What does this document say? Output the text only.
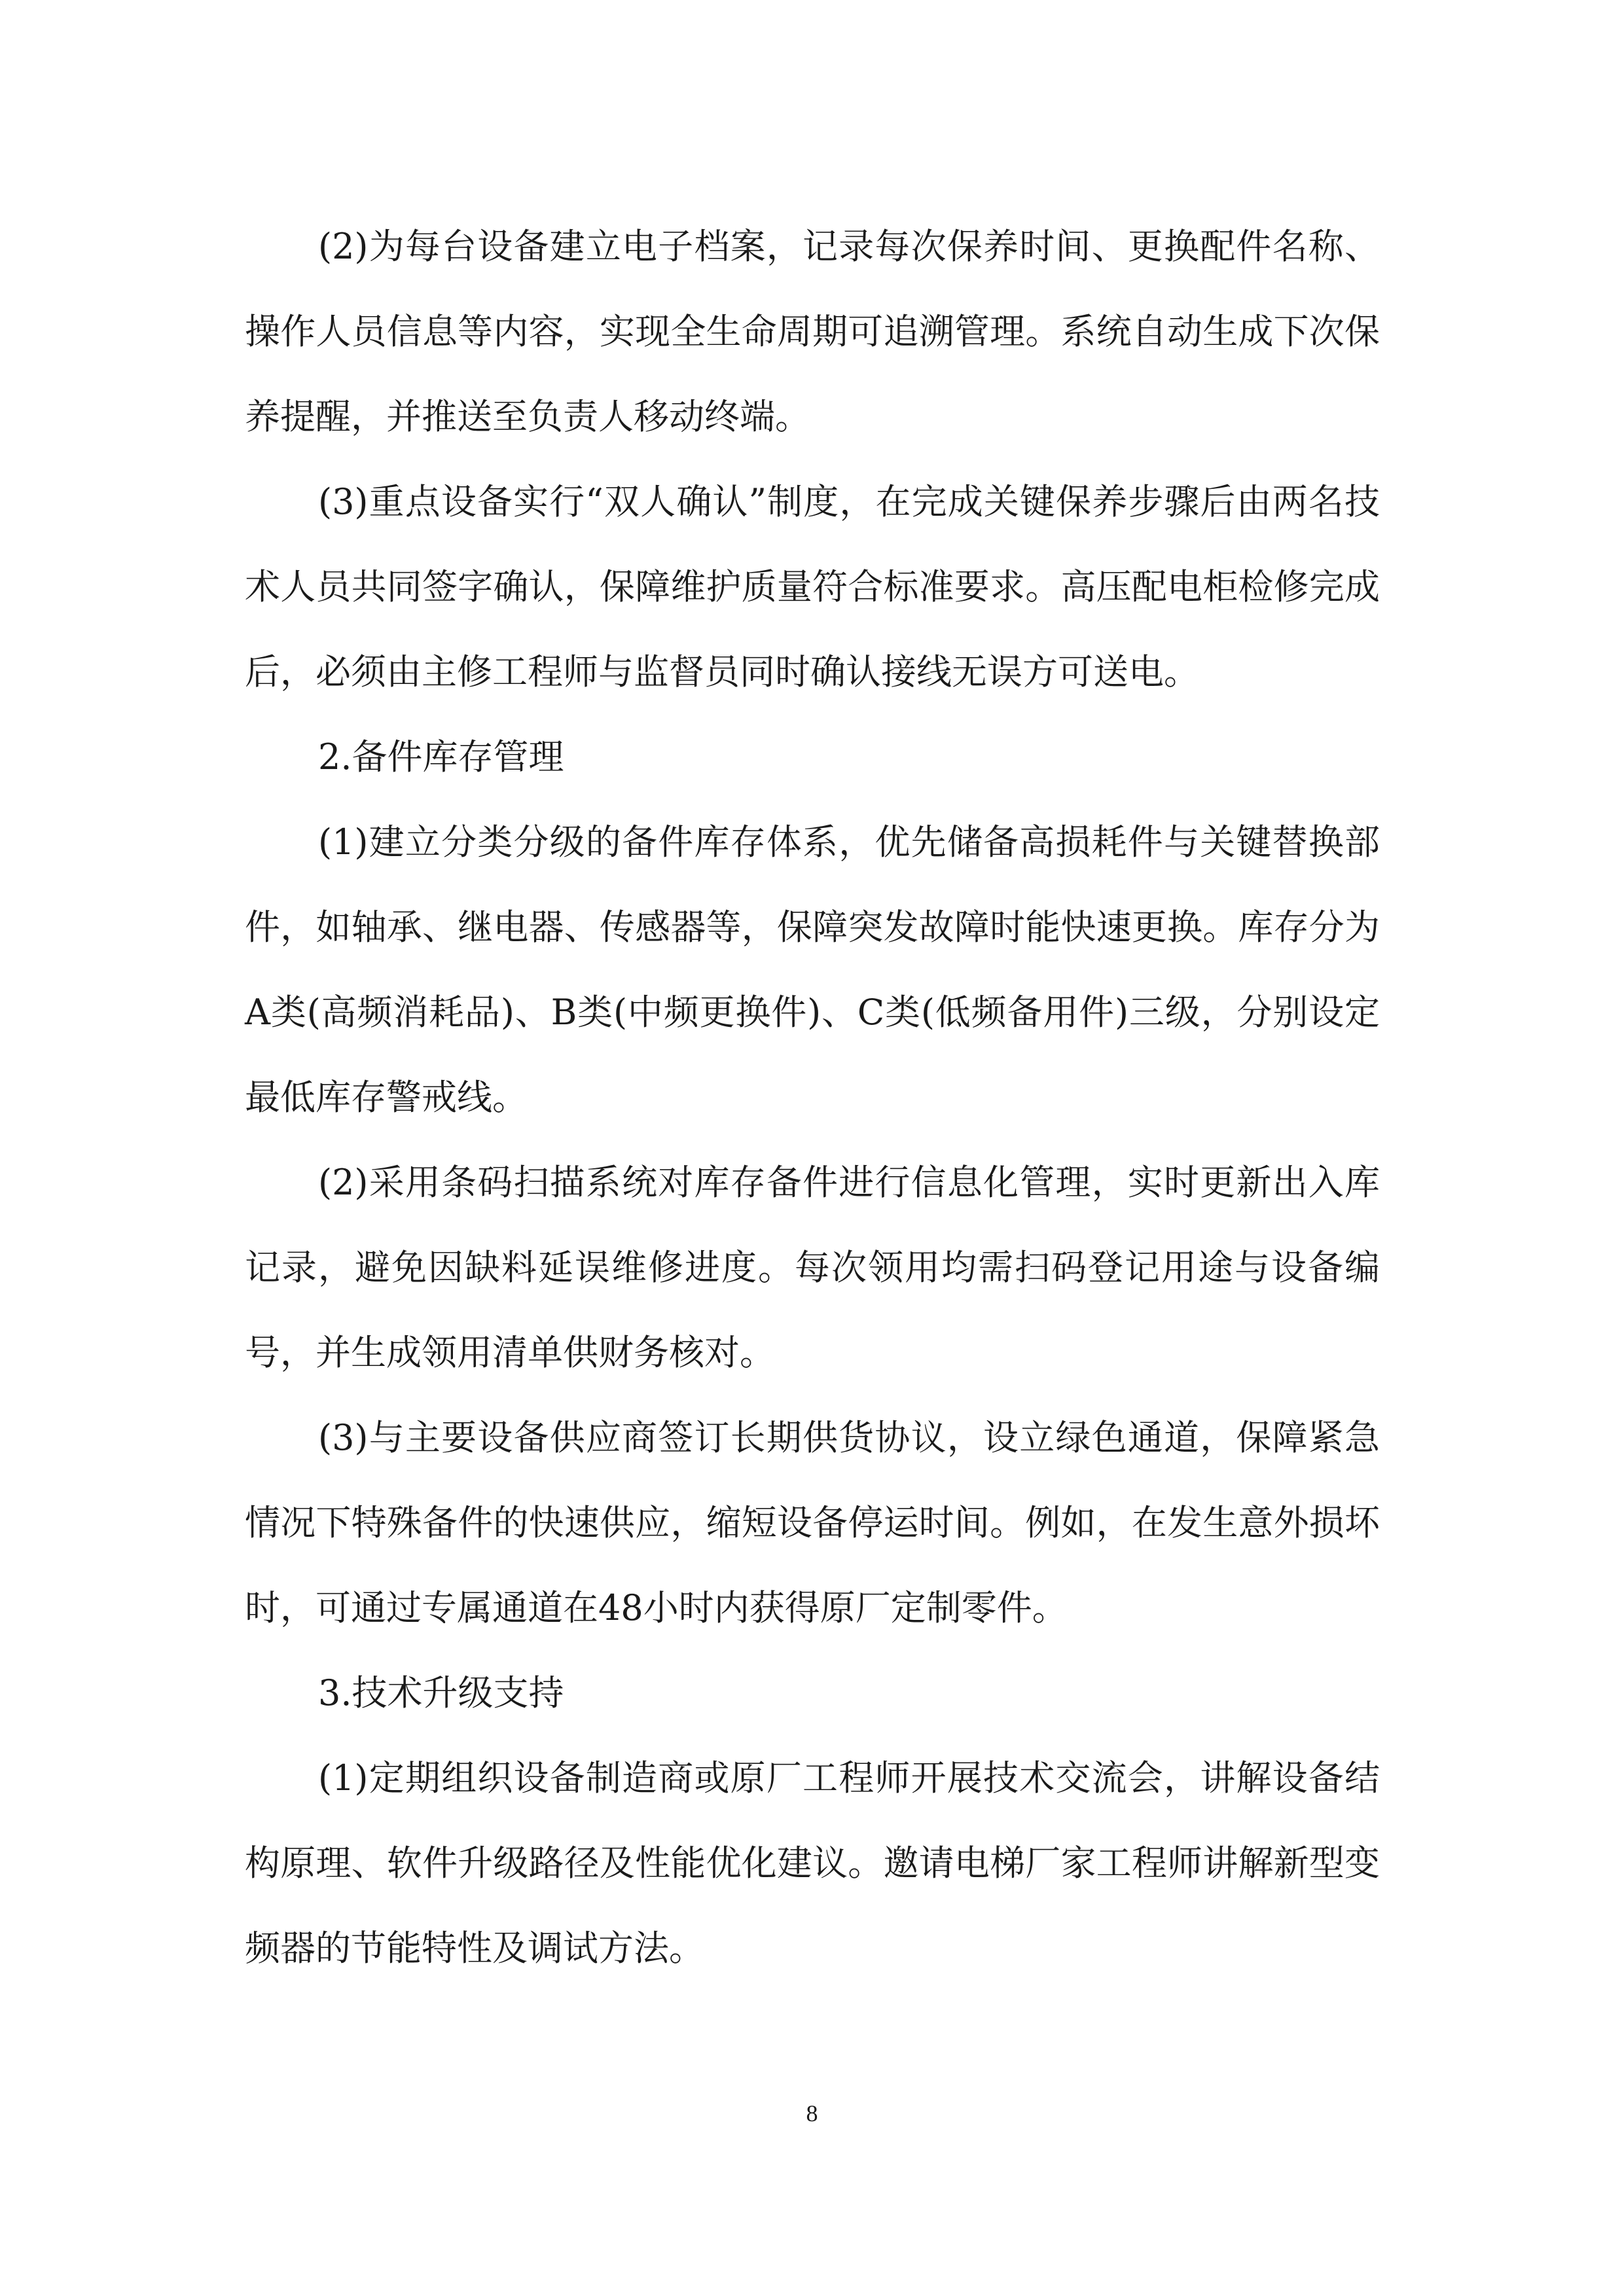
(2)为每台设备建立电子档案，记录每次保养时间、更换配件名称、操作人员信息等内容，实现全生命周期可追溯管理。系统自动生成下次保养提醒，并推送至负责人移动终端。

(3)重点设备实行“双人确认”制度，在完成关键保养步骤后由两名技术人员共同签字确认，保障维护质量符合标准要求。高压配电柜检修完成后，必须由主修工程师与监督员同时确认接线无误方可送电。

2.备件库存管理

(1)建立分类分级的备件库存体系，优先储备高损耗件与关键替换部件，如轴承、继电器、传感器等，保障突发故障时能快速更换。库存分为A类(高频消耗品)、B类(中频更换件)、C类(低频备用件)三级，分别设定最低库存警戒线。

(2)采用条码扫描系统对库存备件进行信息化管理，实时更新出入库记录，避免因缺料延误维修进度。每次领用均需扫码登记用途与设备编号，并生成领用清单供财务核对。

(3)与主要设备供应商签订长期供货协议，设立绿色通道，保障紧急情况下特殊备件的快速供应，缩短设备停运时间。例如，在发生意外损坏时，可通过专属通道在48小时内获得原厂定制零件。

3.技术升级支持

(1)定期组织设备制造商或原厂工程师开展技术交流会，讲解设备结构原理、软件升级路径及性能优化建议。邀请电梯厂家工程师讲解新型变频器的节能特性及调试方法。

8
